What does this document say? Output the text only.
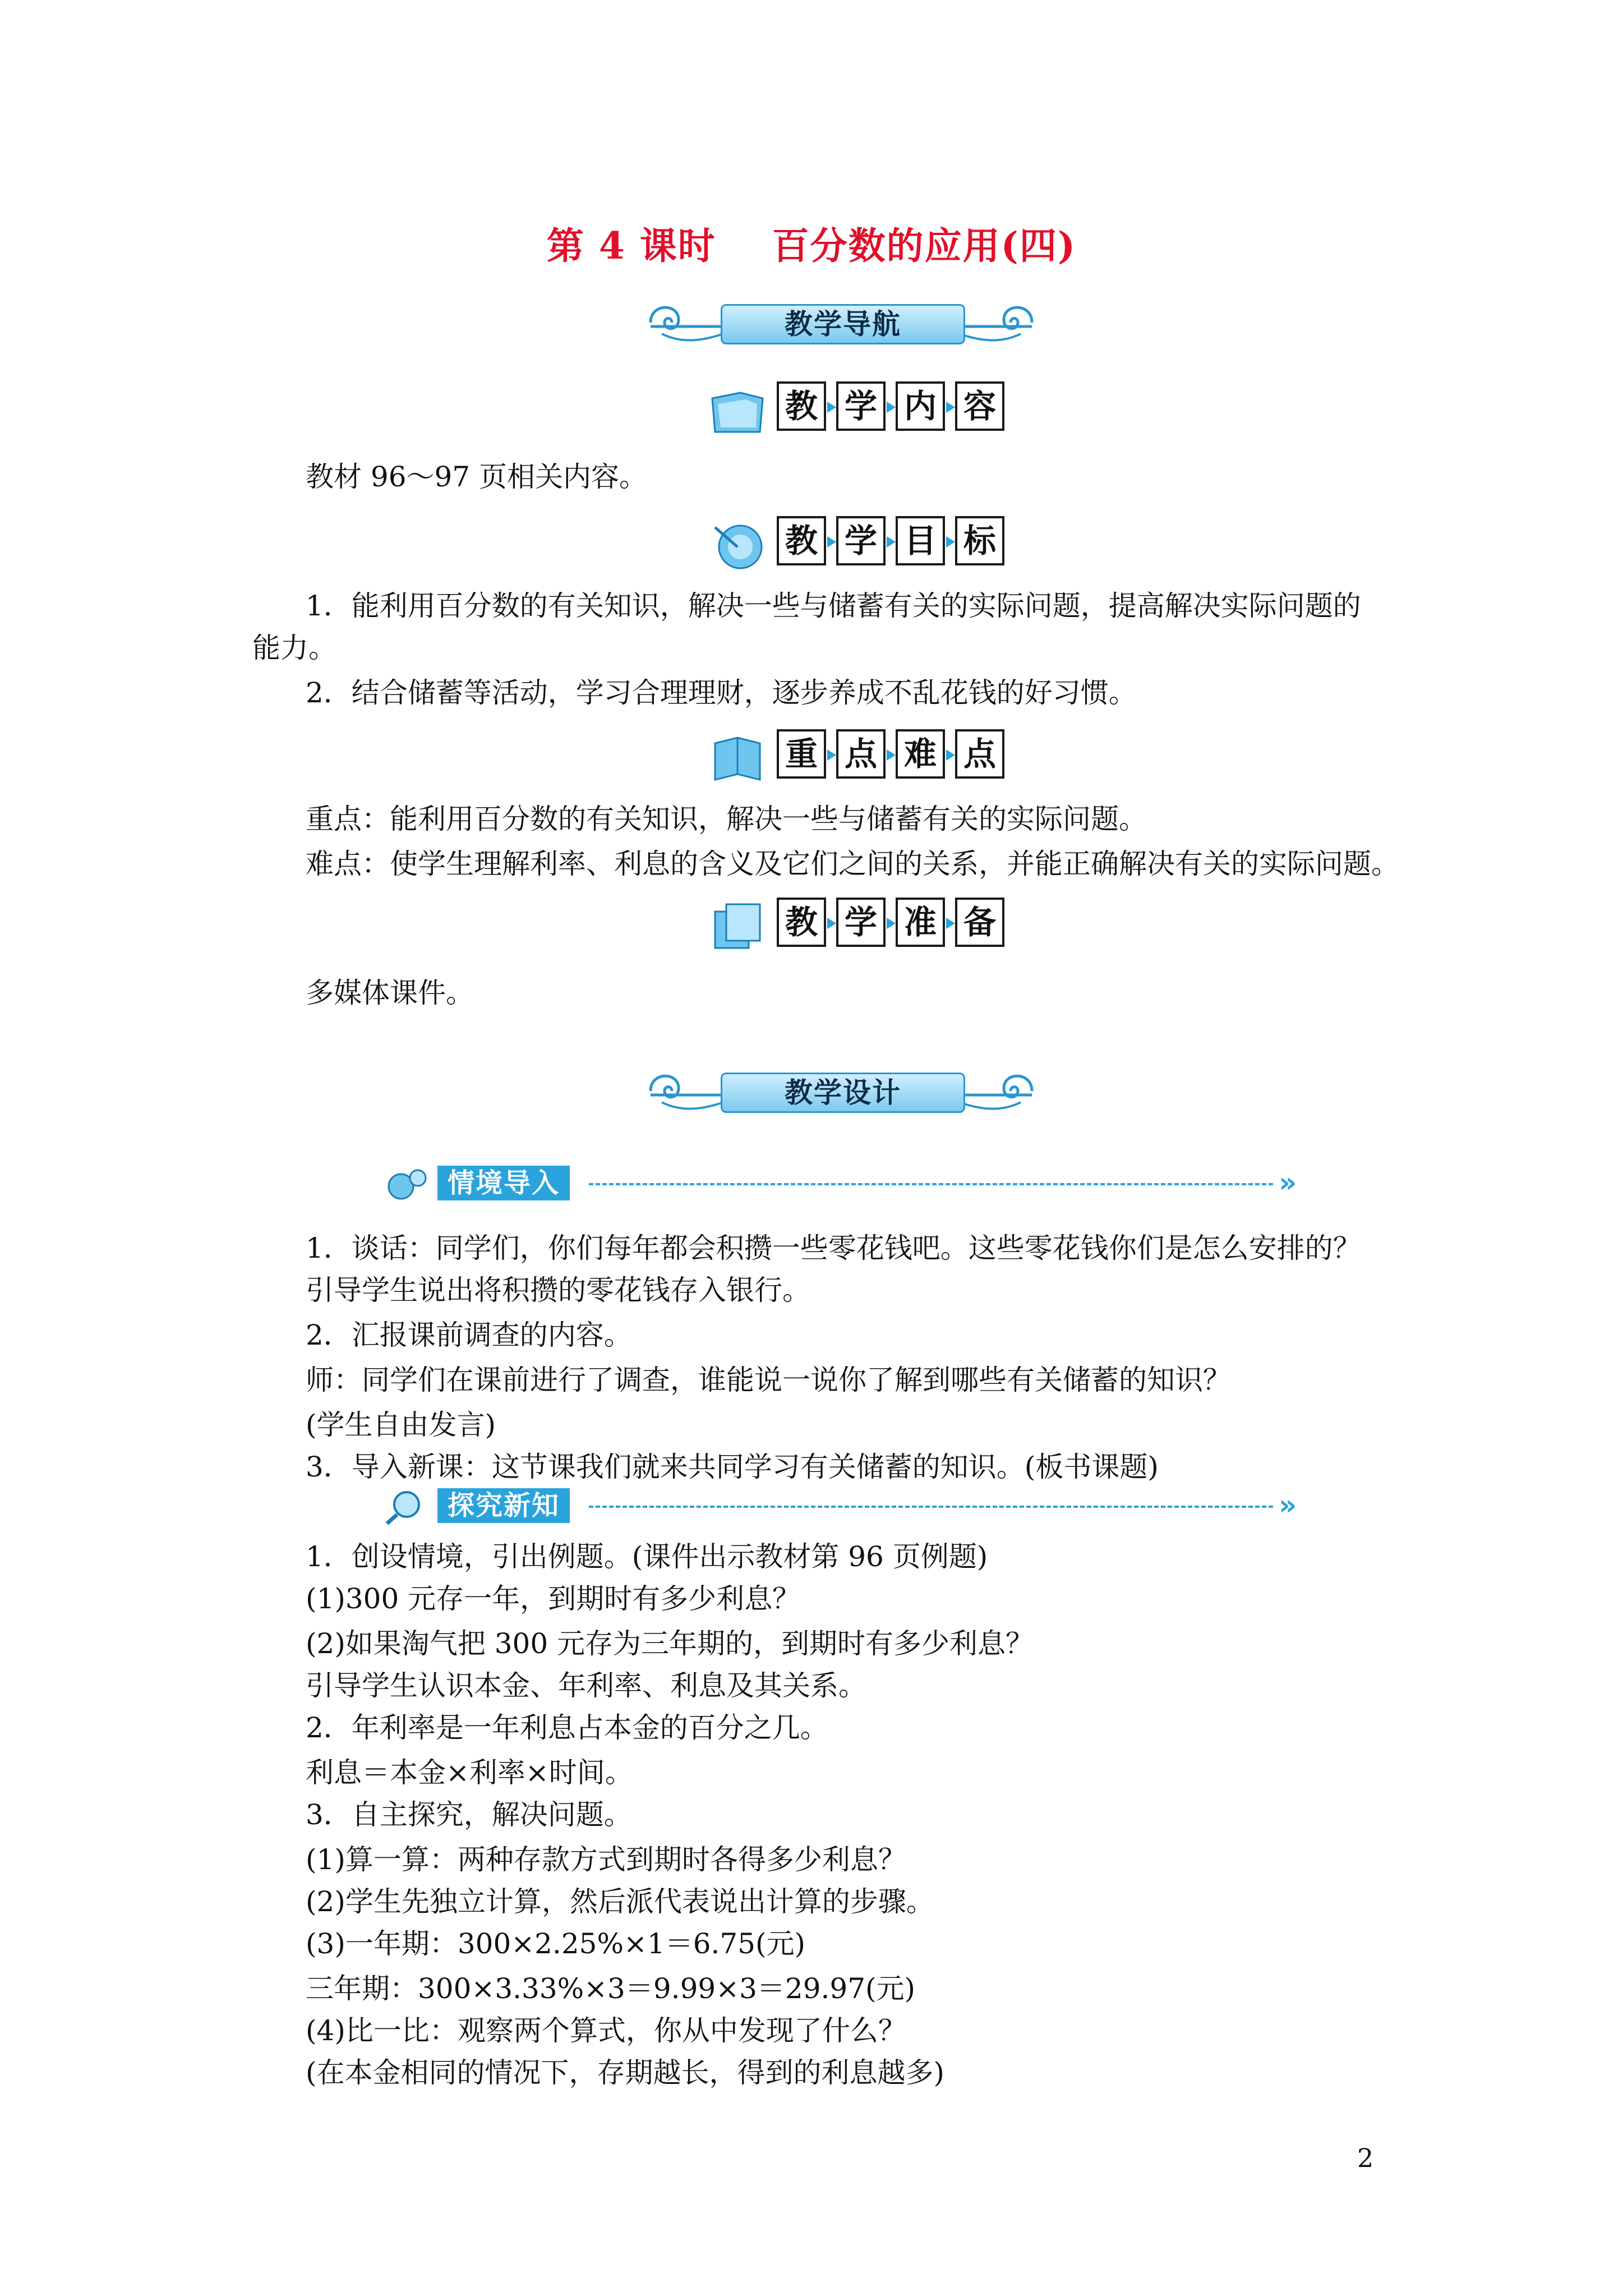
第 4 课时    百分数的应用(四)
教学导航
教 学 内 容
教材 96～97 页相关内容。
教 学 目 标
1．能利用百分数的有关知识，解决一些与储蓄有关的实际问题，提高解决实际问题的
能力。
2．结合储蓄等活动，学习合理理财，逐步养成不乱花钱的好习惯。
重 点 难 点
重点：能利用百分数的有关知识，解决一些与储蓄有关的实际问题。
难点：使学生理解利率、利息的含义及它们之间的关系，并能正确解决有关的实际问题。
教 学 准 备
多媒体课件。
教学设计
情境导入	»
1．谈话：同学们，你们每年都会积攒一些零花钱吧。这些零花钱你们是怎么安排的？
引导学生说出将积攒的零花钱存入银行。
2．汇报课前调查的内容。
师：同学们在课前进行了调查，谁能说一说你了解到哪些有关储蓄的知识？
(学生自由发言)
3．导入新课：这节课我们就来共同学习有关储蓄的知识。(板书课题)
探究新知	»
1．创设情境，引出例题。(课件出示教材第 96 页例题)
(1)300 元存一年，到期时有多少利息？
(2)如果淘气把 300 元存为三年期的，到期时有多少利息？
引导学生认识本金、年利率、利息及其关系。
2．年利率是一年利息占本金的百分之几。
利息＝本金×利率×时间。
3．自主探究，解决问题。
(1)算一算：两种存款方式到期时各得多少利息？
(2)学生先独立计算，然后派代表说出计算的步骤。
(3)一年期：300×2.25%×1＝6.75(元)
三年期：300×3.33%×3＝9.99×3＝29.97(元)
(4)比一比：观察两个算式，你从中发现了什么？
(在本金相同的情况下，存期越长，得到的利息越多)
2
